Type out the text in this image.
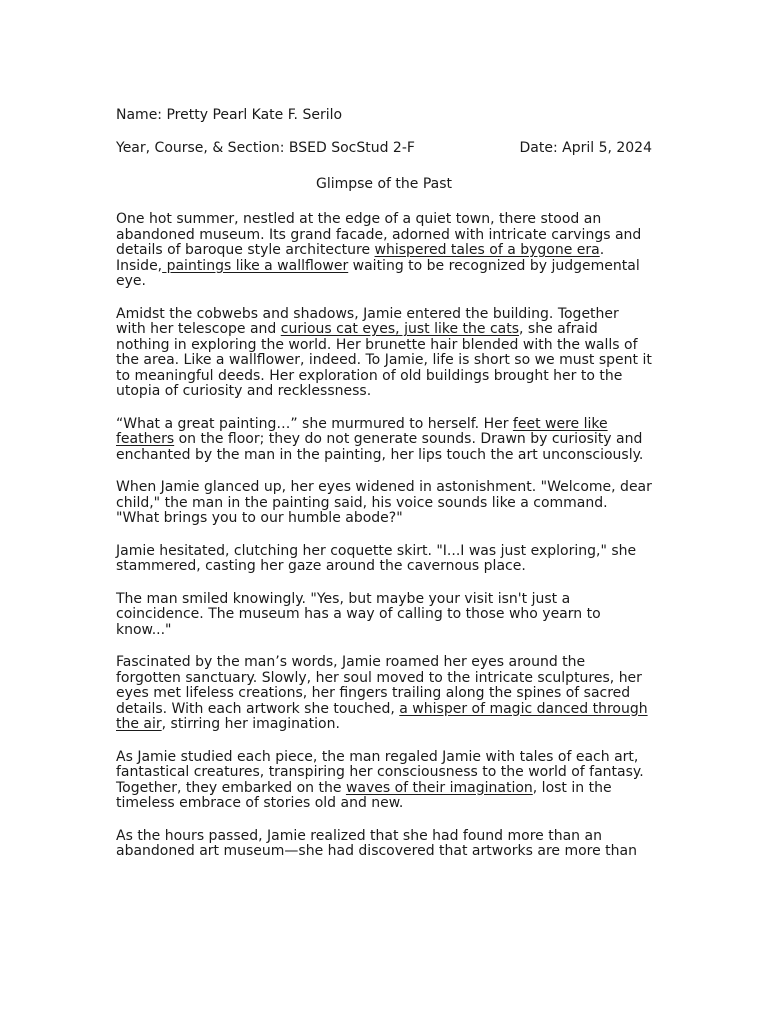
Name: Pretty Pearl Kate F. Serilo

Year, Course, & Section: BSED SocStud 2-F	Date: April 5, 2024
Glimpse of the Past

One hot summer, nestled at the edge of a quiet town, there stood an abandoned museum. Its grand facade, adorned with intricate carvings and details of baroque style architecture whispered tales of a bygone era. Inside, paintings like a wallflower waiting to be recognized by judgemental eye.

Amidst the cobwebs and shadows, Jamie entered the building. Together with her telescope and curious cat eyes, just like the cats, she afraid nothing in exploring the world. Her brunette hair blended with the walls of the area. Like a wallflower, indeed. To Jamie, life is short so we must spent it to meaningful deeds. Her exploration of old buildings brought her to the utopia of curiosity and recklessness.

“What a great painting…” she murmured to herself. Her feet were like feathers on the floor; they do not generate sounds. Drawn by curiosity and enchanted by the man in the painting, her lips touch the art unconsciously.

When Jamie glanced up, her eyes widened in astonishment. "Welcome, dear child," the man in the painting said, his voice sounds like a command. "What brings you to our humble abode?"

Jamie hesitated, clutching her coquette skirt. "I...I was just exploring," she stammered, casting her gaze around the cavernous place.

The man smiled knowingly. "Yes, but maybe your visit isn't just a coincidence. The museum has a way of calling to those who yearn to know..."

Fascinated by the man’s words, Jamie roamed her eyes around the forgotten sanctuary. Slowly, her soul moved to the intricate sculptures, her eyes met lifeless creations, her fingers trailing along the spines of sacred details. With each artwork she touched, a whisper of magic danced through the air, stirring her imagination.

As Jamie studied each piece, the man regaled Jamie with tales of each art, fantastical creatures, transpiring her consciousness to the world of fantasy. Together, they embarked on the waves of their imagination, lost in the timeless embrace of stories old and new.

As the hours passed, Jamie realized that she had found more than an abandoned art museum—she had discovered that artworks are more than
